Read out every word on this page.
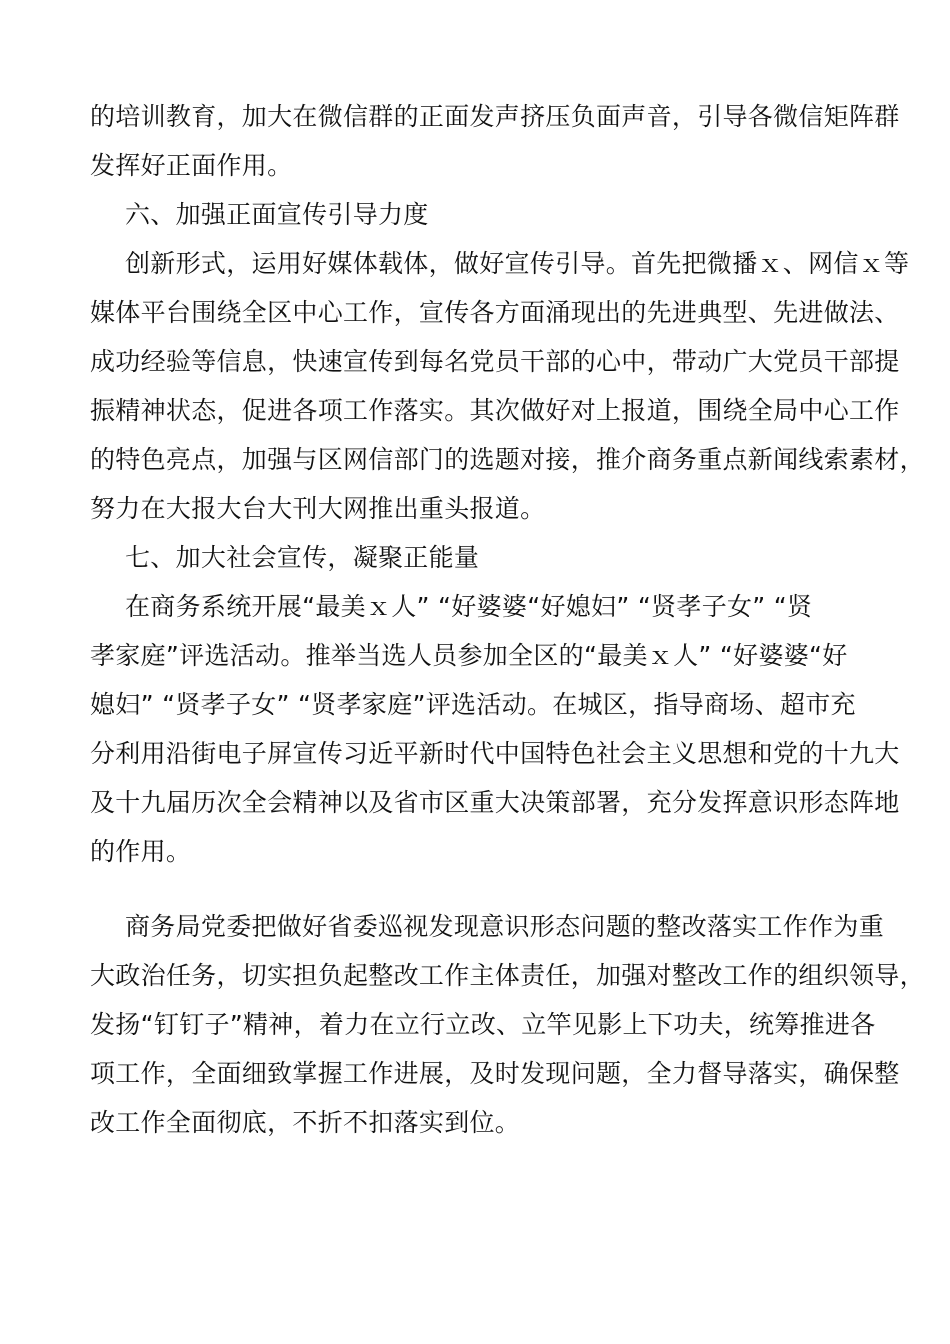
的培训教育，加大在微信群的正面发声挤压负面声音，引导各微信矩阵群
发挥好正面作用。
六、加强正面宣传引导力度
创新形式，运用好媒体载体，做好宣传引导。首先把微播ｘ、网信ｘ等
媒体平台围绕全区中心工作，宣传各方面涌现出的先进典型、先进做法、
成功经验等信息，快速宣传到每名党员干部的心中，带动广大党员干部提
振精神状态，促进各项工作落实。其次做好对上报道，围绕全局中心工作
的特色亮点，加强与区网信部门的选题对接，推介商务重点新闻线索素材，
努力在大报大台大刊大网推出重头报道。
七、加大社会宣传，凝聚正能量
在商务系统开展“最美ｘ人” “好婆婆“好媳妇” “贤孝子女” “贤
孝家庭”评选活动。推举当选人员参加全区的“最美ｘ人” “好婆婆“好
媳妇” “贤孝子女” “贤孝家庭”评选活动。在城区，指导商场、超市充
分利用沿街电子屏宣传习近平新时代中国特色社会主义思想和党的十九大
及十九届历次全会精神以及省市区重大决策部署，充分发挥意识形态阵地
的作用。
商务局党委把做好省委巡视发现意识形态问题的整改落实工作作为重
大政治任务，切实担负起整改工作主体责任，加强对整改工作的组织领导，
发扬“钉钉子”精神，着力在立行立改、立竿见影上下功夫，统筹推进各
项工作，全面细致掌握工作进展，及时发现问题，全力督导落实，确保整
改工作全面彻底，不折不扣落实到位。
